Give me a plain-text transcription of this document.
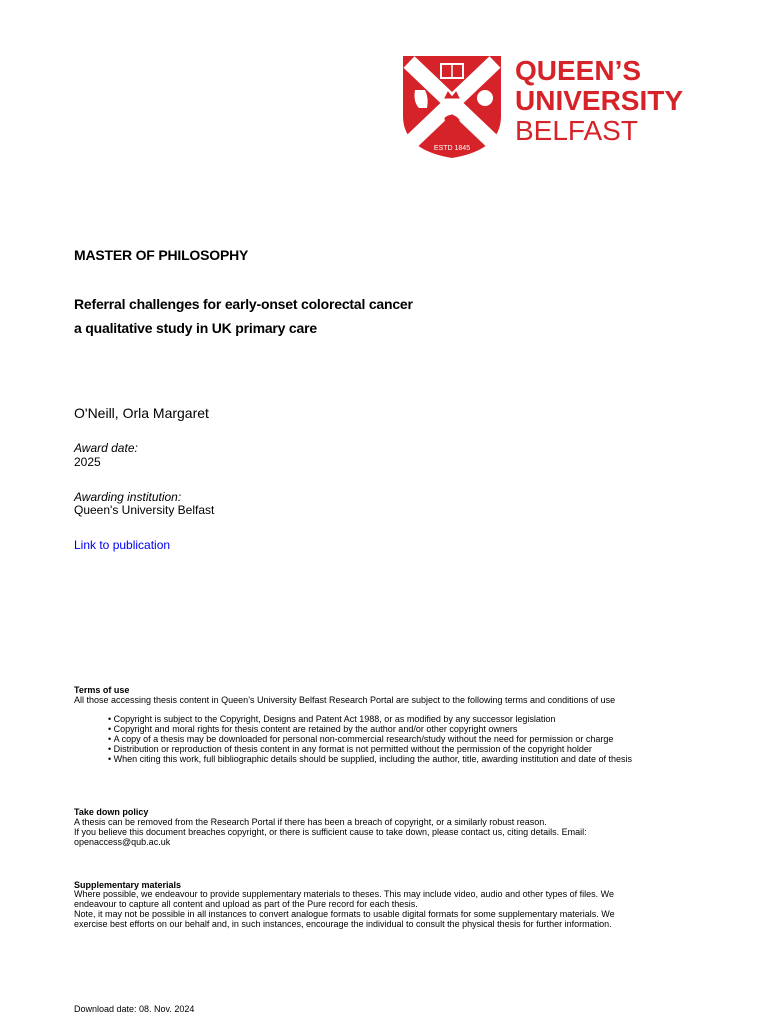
ESTD 1845
QUEEN’S
UNIVERSITY
BELFAST
MASTER OF PHILOSOPHY
Referral challenges for early-onset colorectal cancer
a qualitative study in UK primary care
O'Neill, Orla Margaret
Award date:
2025
Awarding institution:
Queen's University Belfast
Link to publication
Terms of use
All those accessing thesis content in Queen’s University Belfast Research Portal are subject to the following terms and conditions of use
• Copyright is subject to the Copyright, Designs and Patent Act 1988, or as modified by any successor legislation
• Copyright and moral rights for thesis content are retained by the author and/or other copyright owners
• A copy of a thesis may be downloaded for personal non-commercial research/study without the need for permission or charge
• Distribution or reproduction of thesis content in any format is not permitted without the permission of the copyright holder
• When citing this work, full bibliographic details should be supplied, including the author, title, awarding institution and date of thesis
Take down policy
A thesis can be removed from the Research Portal if there has been a breach of copyright, or a similarly robust reason.
If you believe this document breaches copyright, or there is sufficient cause to take down, please contact us, citing details. Email:
openaccess@qub.ac.uk
Supplementary materials
Where possible, we endeavour to provide supplementary materials to theses. This may include video, audio and other types of files. We
endeavour to capture all content and upload as part of the Pure record for each thesis.
Note, it may not be possible in all instances to convert analogue formats to usable digital formats for some supplementary materials. We
exercise best efforts on our behalf and, in such instances, encourage the individual to consult the physical thesis for further information.
Download date: 08. Nov. 2024
